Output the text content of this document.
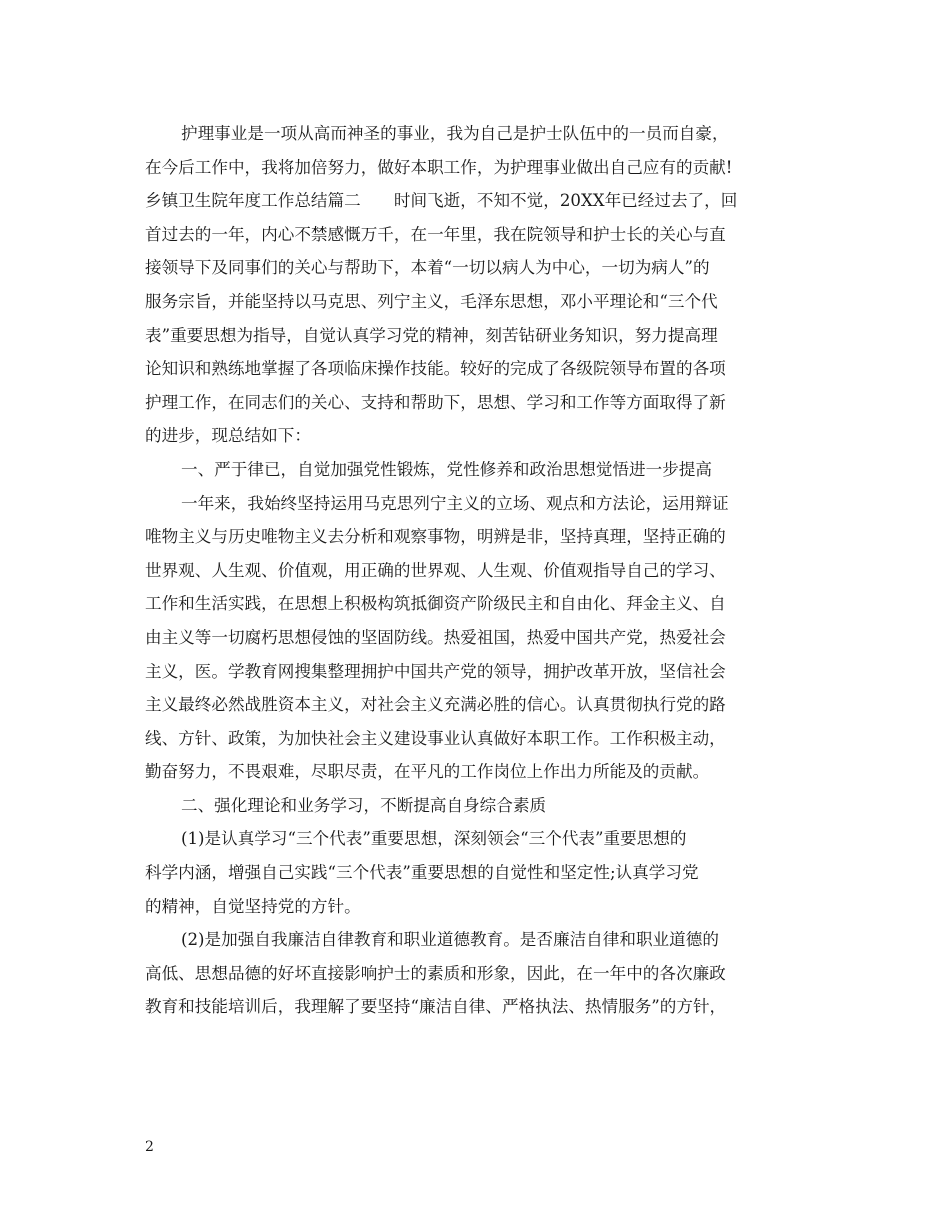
护理事业是一项从高而神圣的事业，我为自己是护士队伍中的一员而自豪，
在今后工作中，我将加倍努力，做好本职工作，为护理事业做出自己应有的贡献!
乡镇卫生院年度工作总结篇二　　时间飞逝，不知不觉，20XX年已经过去了，回
首过去的一年，内心不禁感慨万千，在一年里，我在院领导和护士长的关心与直
接领导下及同事们的关心与帮助下，本着“一切以病人为中心，一切为病人”的
服务宗旨，并能坚持以马克思、列宁主义，毛泽东思想，邓小平理论和“三个代
表”重要思想为指导，自觉认真学习党的精神，刻苦钻研业务知识，努力提高理
论知识和熟练地掌握了各项临床操作技能。较好的完成了各级院领导布置的各项
护理工作，在同志们的关心、支持和帮助下，思想、学习和工作等方面取得了新
的进步，现总结如下：
一、严于律已，自觉加强党性锻炼，党性修养和政治思想觉悟进一步提高
一年来，我始终坚持运用马克思列宁主义的立场、观点和方法论，运用辩证
唯物主义与历史唯物主义去分析和观察事物，明辨是非，坚持真理，坚持正确的
世界观、人生观、价值观，用正确的世界观、人生观、价值观指导自己的学习、
工作和生活实践，在思想上积极构筑抵御资产阶级民主和自由化、拜金主义、自
由主义等一切腐朽思想侵蚀的坚固防线。热爱祖国，热爱中国共产党，热爱社会
主义，医。学教育网搜集整理拥护中国共产党的领导，拥护改革开放，坚信社会
主义最终必然战胜资本主义，对社会主义充满必胜的信心。认真贯彻执行党的路
线、方针、政策，为加快社会主义建设事业认真做好本职工作。工作积极主动，
勤奋努力，不畏艰难，尽职尽责，在平凡的工作岗位上作出力所能及的贡献。
二、强化理论和业务学习，不断提高自身综合素质
(1)是认真学习“三个代表”重要思想，深刻领会“三个代表”重要思想的
科学内涵，增强自己实践“三个代表”重要思想的自觉性和坚定性;认真学习党
的精神，自觉坚持党的方针。
(2)是加强自我廉洁自律教育和职业道德教育。是否廉洁自律和职业道德的
高低、思想品德的好坏直接影响护士的素质和形象，因此，在一年中的各次廉政
教育和技能培训后，我理解了要坚持“廉洁自律、严格执法、热情服务”的方针，
2
